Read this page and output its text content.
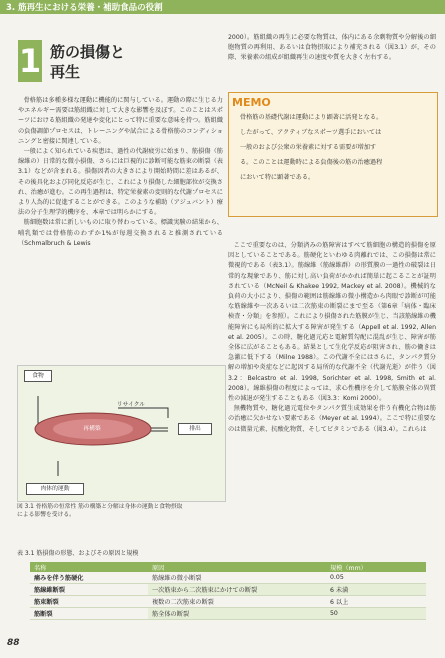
3. 筋再生における栄養・補助食品の役割
1 筋の損傷と
再生

骨格筋は多種多様な運動に機能的に関与している。運動の際に生じる力やエネルギー需要は筋組織に対して大きな影響を及ぼす。このことはスポーツにおける筋組織の発達や変化にとって特に重要な意味を持つ。筋組織の負傷調節プロセスは、トレーニングや試合による骨格筋のコンディショニングと密接に関連している。

一般によく知られている疾患は、過性の代謝疲労に始まり、筋損傷（筋線維の）日常的な微小損傷、さらには巨視的に診断可能な筋束の断裂（表3.1）などが含まれる。損傷因者の大きさにより開始時間に差はあるが、その後具化および同化反応が生じ、これにより損傷した細胞部位が交換され、治癒が進む。この再生過程は、特定栄養素の変則的な代謝プロセスにより人為的に促進することができる。このような補助（アジュバント）療法の分子生理学的機序を、本章では明らかにする。

筋細胞数は常に新しいものに取り替わっている。標識実験の結果から、哺乳類では骨格筋のわずか1%が毎週交換されると推測されている（Schmalbruch & Lewis

2000）。筋組織の再生に必要な物質は、体内にある余剰物質や分解後の細胞物質の再利用、あるいは食物摂取により補充される（図3.1）が、その際、栄養素の組成が組織再生の速度や質を大きく左右する。

MEMO
骨格筋の基礎代謝は運動により顕著に活発となる。
したがって、アクティブなスポーツ選手においては
一般のおよび公衆の栄養素に対する需要が増加す
る。このことは運動時による負傷後の筋の治癒過程
において特に顕著である。

ここで重要なのは、分類済みの筋障害はすべて筋細胞の構造的損傷を原因としていることである。筋硬化といわゆる肉離れでは、この損傷は常に微視的である（表3.1）。筋線維（筋線維群）の形質膜の一過性の破裂は日常的な現象であり、筋に対し高い負荷がかかれば簡単に起こることが証明されている（McNeil & Khakee 1992, Mackey et al. 2008）。機械的な負荷の大小により、損傷の範囲は筋線維の微小構造から肉眼で診断が可能な筋線維や一次あるいは二次筋束の断裂にまで至る（第6章「病体・臨床検査・分類」を参照）。これにより損傷された筋膜が生じ、当該筋線維の機能障害にも局所的に拡大する障害が発生する（Appell et al. 1992, Allen et al. 2005）。この時、糖化過元応と電解質勾配に混乱が生じ、障害が筋全体に広がることもある。結果として生化学反応が阻害され、筋の働きは急激に低下する（Milne 1988）。この代謝不全にはさらに、タンパク質分解の増加や炎症などに起因する局所的な代謝不全（代謝光逝）が伴う（図3.2：Belcastro et al. 1998, Sorichter et al. 1998, Smith et al. 2008）。線維損傷の程度によっては、求心性機序を介して筋膜全体の異質性の減退が発生することもある（図3.3：Komi 2000）。

無機物質や、糖化過元電位やタンパク質生成効果を伴う有機化合物は筋の治癒に欠かせない要素である（Meyer et al. 1994）。ここで特に重要なのは微量元素、抗酸化物質、そしてビタミンである（図3.4）。これらは

食物
リサイクル
再構築	排出
肉体的運動
図 3.1 骨格筋の恒常性 筋の構築と分解は身体の運動と食物摂取
による影響を受ける。
表 3.1 筋損傷の形態、およびその原因と規模
名称	原因	規模（mm）
痛みを伴う筋硬化	筋線維の微小断裂	0.05
筋線維断裂	一次筋束から二次筋束にかけての断裂	6 未満
筋束断裂	複数の二次筋束の断裂	6 以上
筋断裂	筋全体の断裂	50
88
